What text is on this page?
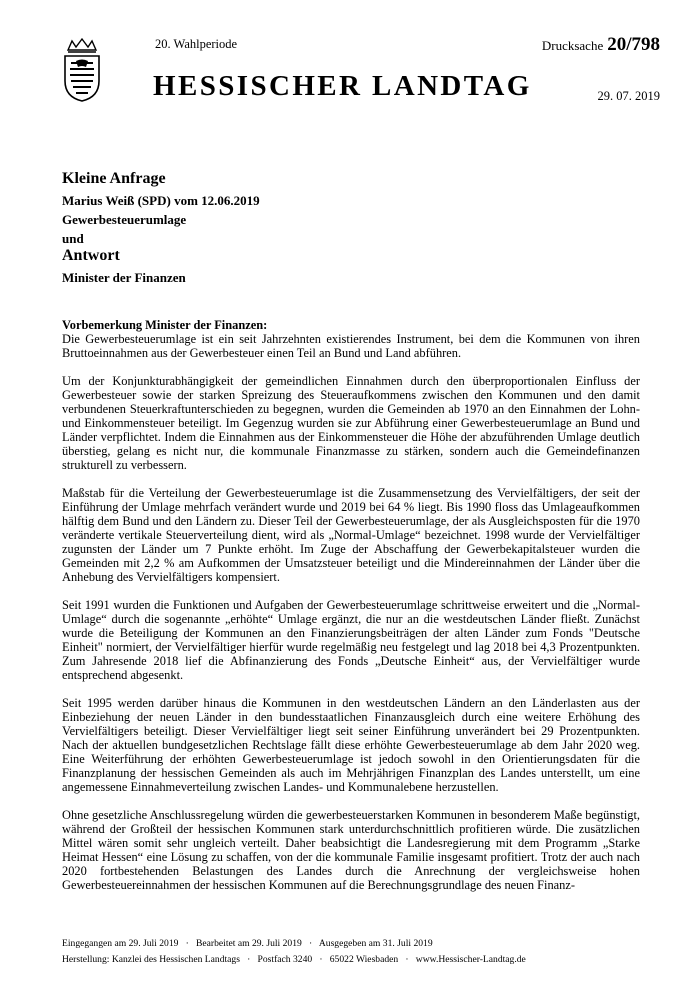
20. Wahlperiode	Drucksache 20/798
HESSISCHER LANDTAG	29. 07. 2019
Kleine Anfrage
Marius Weiß (SPD) vom 12.06.2019
Gewerbesteuerumlage
und
Antwort
Minister der Finanzen

Vorbemerkung Minister der Finanzen:
Die Gewerbesteuerumlage ist ein seit Jahrzehnten existierendes Instrument, bei dem die Kommunen von ihren Bruttoeinnahmen aus der Gewerbesteuer einen Teil an Bund und Land abführen.

Um der Konjunkturabhängigkeit der gemeindlichen Einnahmen durch den überproportionalen Einfluss der Gewerbesteuer sowie der starken Spreizung des Steueraufkommens zwischen den Kommunen und den damit verbundenen Steuerkraftunterschieden zu begegnen, wurden die Gemeinden ab 1970 an den Einnahmen der Lohn- und Einkommensteuer beteiligt. Im Gegenzug wurden sie zur Abführung einer Gewerbesteuerumlage an Bund und Länder verpflichtet. Indem die Einnahmen aus der Einkommensteuer die Höhe der abzuführenden Umlage deutlich überstieg, gelang es nicht nur, die kommunale Finanzmasse zu stärken, sondern auch die Gemeindefinanzen strukturell zu verbessern.

Maßstab für die Verteilung der Gewerbesteuerumlage ist die Zusammensetzung des Vervielfältigers, der seit der Einführung der Umlage mehrfach verändert wurde und 2019 bei 64 % liegt. Bis 1990 floss das Umlageaufkommen hälftig dem Bund und den Ländern zu. Dieser Teil der Gewerbesteuerumlage, der als Ausgleichsposten für die 1970 veränderte vertikale Steuerverteilung dient, wird als „Normal-Umlage“ bezeichnet. 1998 wurde der Vervielfältiger zugunsten der Länder um 7 Punkte erhöht. Im Zuge der Abschaffung der Gewerbekapitalsteuer wurden die Gemeinden mit 2,2 % am Aufkommen der Umsatzsteuer beteiligt und die Mindereinnahmen der Länder über die Anhebung des Vervielfältigers kompensiert.

Seit 1991 wurden die Funktionen und Aufgaben der Gewerbesteuerumlage schrittweise erweitert und die „Normal-Umlage“ durch die sogenannte „erhöhte“ Umlage ergänzt, die nur an die westdeutschen Länder fließt. Zunächst wurde die Beteiligung der Kommunen an den Finanzierungsbeiträgen der alten Länder zum Fonds "Deutsche Einheit" normiert, der Vervielfältiger hierfür wurde regelmäßig neu festgelegt und lag 2018 bei 4,3 Prozentpunkten. Zum Jahresende 2018 lief die Abfinanzierung des Fonds „Deutsche Einheit“ aus, der Vervielfältiger wurde entsprechend abgesenkt.

Seit 1995 werden darüber hinaus die Kommunen in den westdeutschen Ländern an den Länderlasten aus der Einbeziehung der neuen Länder in den bundesstaatlichen Finanzausgleich durch eine weitere Erhöhung des Vervielfältigers beteiligt. Dieser Vervielfältiger liegt seit seiner Einführung unverändert bei 29 Prozentpunkten. Nach der aktuellen bundgesetzlichen Rechtslage fällt diese erhöhte Gewerbesteuerumlage ab dem Jahr 2020 weg. Eine Weiterführung der erhöhten Gewerbesteuerumlage ist jedoch sowohl in den Orientierungsdaten für die Finanzplanung der hessischen Gemeinden als auch im Mehrjährigen Finanzplan des Landes unterstellt, um eine angemessene Einnahmeverteilung zwischen Landes- und Kommunalebene herzustellen.

Ohne gesetzliche Anschlussregelung würden die gewerbesteuerstarken Kommunen in besonderem Maße begünstigt, während der Großteil der hessischen Kommunen stark unterdurchschnittlich profitieren würde. Die zusätzlichen Mittel wären somit sehr ungleich verteilt. Daher beabsichtigt die Landesregierung mit dem Programm „Starke Heimat Hessen“ eine Lösung zu schaffen, von der die kommunale Familie insgesamt profitiert. Trotz der auch nach 2020 fortbestehenden Belastungen des Landes durch die Anrechnung der vergleichsweise hohen Gewerbesteuereinnahmen der hessischen Kommunen auf die Berechnungsgrundlage des neuen Finanz-

Eingegangen am 29. Juli 2019   ·   Bearbeitet am 29. Juli 2019   ·   Ausgegeben am 31. Juli 2019
Herstellung: Kanzlei des Hessischen Landtags   ·   Postfach 3240   ·   65022 Wiesbaden   ·   www.Hessischer-Landtag.de
